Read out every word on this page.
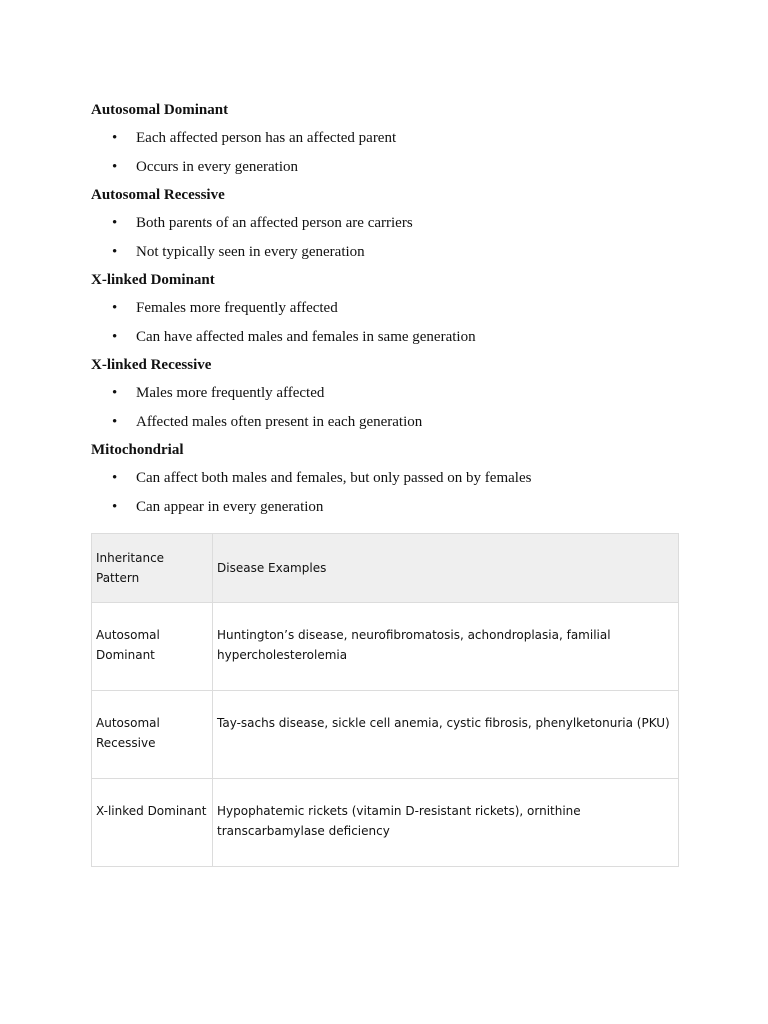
Autosomal Dominant
• Each affected person has an affected parent
• Occurs in every generation
Autosomal Recessive
• Both parents of an affected person are carriers
• Not typically seen in every generation
X-linked Dominant
• Females more frequently affected
• Can have affected males and females in same generation
X-linked Recessive
• Males more frequently affected
• Affected males often present in each generation
Mitochondrial
• Can affect both males and females, but only passed on by females
• Can appear in every generation
Inheritance Pattern	Disease Examples
Autosomal Dominant	Huntington’s disease, neurofibromatosis, achondroplasia, familial hypercholesterolemia
Autosomal Recessive	Tay-sachs disease, sickle cell anemia, cystic fibrosis, phenylketonuria (PKU)
X-linked Dominant	Hypophatemic rickets (vitamin D-resistant rickets), ornithine transcarbamylase deficiency
